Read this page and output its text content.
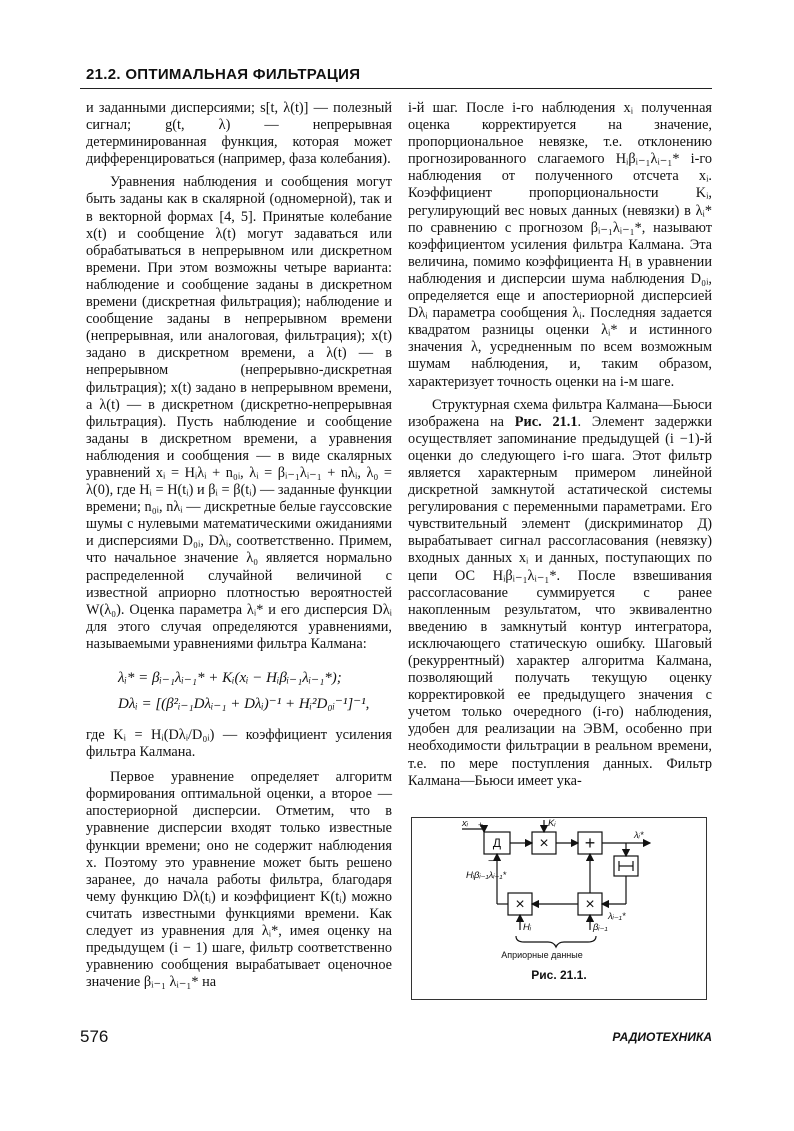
21.2. ОПТИМАЛЬНАЯ ФИЛЬТРАЦИЯ

и заданными дисперсиями; s[t, λ(t)] — полезный сигнал; g(t, λ) — непрерывная детерминированная функция, которая может дифференцироваться (например, фаза колебания).

Уравнения наблюдения и сообщения могут быть заданы как в скалярной (одномерной), так и в векторной формах [4, 5]. Принятые колебание x(t) и сообщение λ(t) могут задаваться или обрабатываться в непрерывном или дискретном времени. При этом возможны четыре варианта: наблюдение и сообщение заданы в дискретном времени (дискретная фильтрация); наблюдение и сообщение заданы в непрерывном времени (непрерывная, или аналоговая, фильтрация); x(t) задано в дискретном времени, а λ(t) — в непрерывном (непрерывно-дискретная фильтрация); x(t) задано в непрерывном времени, а λ(t) — в дискретном (дискретно-непрерывная фильтрация). Пусть наблюдение и сообщение заданы в дискретном времени, а уравнения наблюдения и сообщения — в виде скалярных уравнений xᵢ = Hᵢλᵢ + n₀ᵢ, λᵢ = βᵢ₋₁λᵢ₋₁ + nλᵢ, λ₀ = λ(0), где Hᵢ = H(tᵢ) и βᵢ = β(tᵢ) — заданные функции времени; n₀ᵢ, nλᵢ — дискретные белые гауссовские шумы с нулевыми математическими ожиданиями и дисперсиями D₀ᵢ, Dλᵢ, соответственно. Примем, что начальное значение λ₀ является нормально распределенной случайной величиной с известной априорно плотностью вероятностей W(λ₀). Оценка параметра λᵢ* и его дисперсия Dλᵢ для этого случая определяются уравнениями, называемыми уравнениями фильтра Калмана:

λᵢ* = βᵢ₋₁λᵢ₋₁* + Kᵢ(xᵢ − Hᵢβᵢ₋₁λᵢ₋₁*);
Dλᵢ = [(β²ᵢ₋₁Dλᵢ₋₁ + Dλᵢ)⁻¹ + Hᵢ²D₀ᵢ⁻¹]⁻¹,

где Kᵢ = Hᵢ(Dλᵢ/D₀ᵢ) — коэффициент усиления фильтра Калмана.

Первое уравнение определяет алгоритм формирования оптимальной оценки, а второе — апостериорной дисперсии. Отметим, что в уравнение дисперсии входят только известные функции времени; оно не содержит наблюдения x. Поэтому это уравнение может быть решено заранее, до начала работы фильтра, благодаря чему функцию Dλ(tᵢ) и коэффициент K(tᵢ) можно считать известными функциями времени. Как следует из уравнения для λᵢ*, имея оценку на предыдущем (i − 1) шаге, фильтр соответственно уравнению сообщения вырабатывает оценочное значение βᵢ₋₁ λᵢ₋₁* на

i-й шаг. После i-го наблюдения xᵢ полученная оценка корректируется на значение, пропорциональное невязке, т.е. отклонению прогнозированного слагаемого Hᵢβᵢ₋₁λᵢ₋₁* i-го наблюдения от полученного отсчета xᵢ. Коэффициент пропорциональности Kᵢ, регулирующий вес новых данных (невязки) в λᵢ* по сравнению с прогнозом βᵢ₋₁λᵢ₋₁*, называют коэффициентом усиления фильтра Калмана. Эта величина, помимо коэффициента Hᵢ в уравнении наблюдения и дисперсии шума наблюдения D₀ᵢ, определяется еще и апостериорной дисперсией Dλᵢ параметра сообщения λᵢ. Последняя задается квадратом разницы оценки λᵢ* и истинного значения λ, усредненным по всем возможным шумам наблюдения, и, таким образом, характеризует точность оценки на i-м шаге.

Структурная схема фильтра Калмана—Бьюси изображена на Рис. 21.1. Элемент задержки осуществляет запоминание предыдущей (i −1)-й оценки до следующего i-го шага. Этот фильтр является характерным примером линейной дискретной замкнутой астатической системы регулирования с переменными параметрами. Его чувствительный элемент (дискриминатор Д) вырабатывает сигнал рассогласования (невязку) входных данных xᵢ и данных, поступающих по цепи ОС Hᵢβᵢ₋₁λᵢ₋₁*. После взвешивания рассогласование суммируется с ранее накопленным результатом, что эквивалентно введению в замкнутый контур интегратора, исключающего статическую ошибку. Шаговый (рекуррентный) характер алгоритма Калмана, позволяющий получать текущую оценку корректировкой ее предыдущего значения с учетом только очередного (i-го) наблюдения, удобен для реализации на ЭВМ, особенно при необходимости фильтрации в реальном времени, т.е. по мере поступления данных. Фильтр Калмана—Бьюси имеет ука-

Д × +
×
×
xᵢ +
−
Kᵢ
λᵢ*
Hᵢβᵢ₋₁λᵢ₋₁*
λᵢ₋₁*
Hᵢ	βᵢ₋₁
Априорные данные
Рис. 21.1.
576	РАДИОТЕХНИКА
